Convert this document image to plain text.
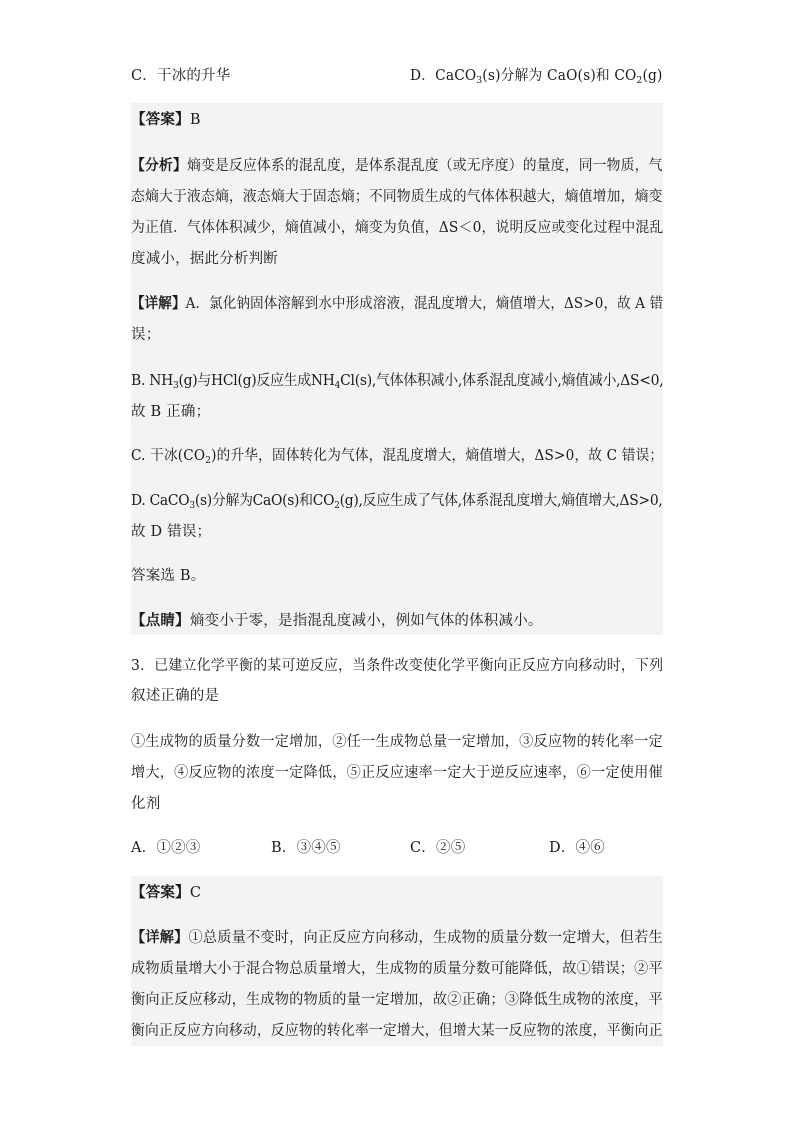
C．干冰的升华	D．CaCO$_3$(s)分解为 CaO(s)和 $CO_2(g)$
【答案】B
【分析】熵变是反应体系的混乱度，是体系混乱度（或无序度）的量度，同一物质，气
态熵大于液态熵，液态熵大于固态熵；不同物质生成的气体体积越大，熵值增加，熵变
为正值．气体体积减少，熵值减小，熵变为负值，ΔS＜0，说明反应或变化过程中混乱
度减小，据此分析判断
【详解】A．氯化钠固体溶解到水中形成溶液，混乱度增大，熵值增大，ΔS>0，故 A 错
误；
B. $NH_3(g)$与HCl(g)反应生成$NH_4Cl(s)$,气体体积减小,体系混乱度减小,熵值减小,ΔS<0,
故 B 正确；
C. 干冰$(CO_2)$的升华，固体转化为气体，混乱度增大，熵值增大，ΔS>0，故 C 错误；
D. CaCO$_3$(s)分解为CaO(s)和$CO_2(g)$,反应生成了气体,体系混乱度增大,熵值增大,ΔS>0,
故 D 错误；
答案选 B。
【点睛】熵变小于零，是指混乱度减小，例如气体的体积减小。
3．已建立化学平衡的某可逆反应，当条件改变使化学平衡向正反应方向移动时，下列
叙述正确的是
①生成物的质量分数一定增加，②任一生成物总量一定增加，③反应物的转化率一定
增大，④反应物的浓度一定降低，⑤正反应速率一定大于逆反应速率，⑥一定使用催
化剂
A．①②③	B．③④⑤	C．②⑤	D．④⑥
【答案】C
【详解】①总质量不变时，向正反应方向移动，生成物的质量分数一定增大，但若生
成物质量增大小于混合物总质量增大，生成物的质量分数可能降低，故①错误；②平
衡向正反应移动，生成物的物质的量一定增加，故②正确；③降低生成物的浓度，平
衡向正反应方向移动，反应物的转化率一定增大，但增大某一反应物的浓度，平衡向正
